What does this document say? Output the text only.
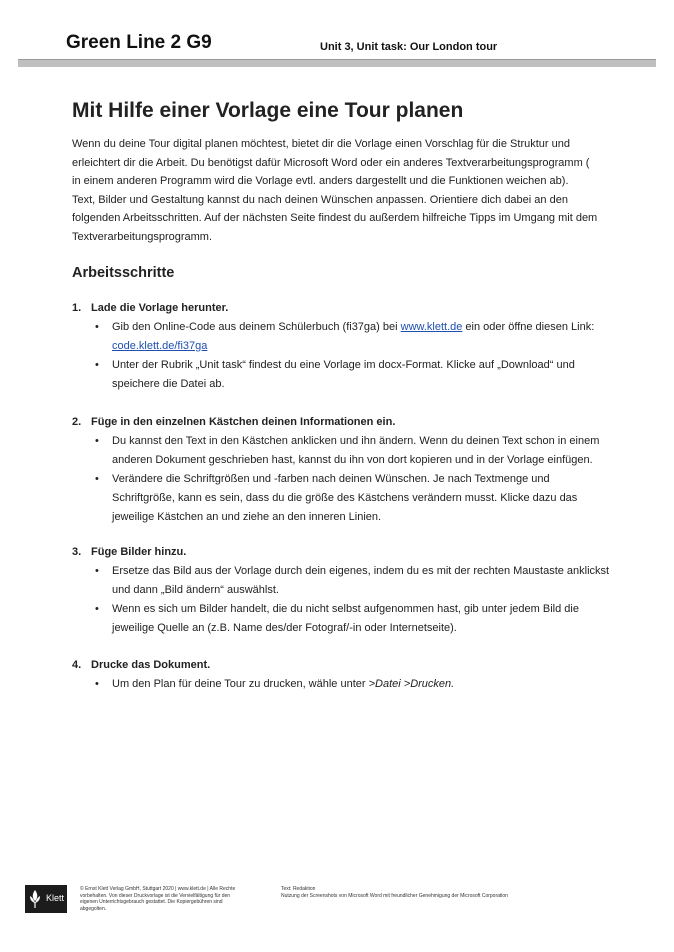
Green Line 2 G9	Unit 3, Unit task: Our London tour
Mit Hilfe einer Vorlage eine Tour planen

Wenn du deine Tour digital planen möchtest, bietet dir die Vorlage einen Vorschlag für die Struktur und
erleichtert dir die Arbeit. Du benötigst dafür Microsoft Word oder ein anderes Textverarbeitungsprogramm (
in einem anderen Programm wird die Vorlage evtl. anders dargestellt und die Funktionen weichen ab).
Text, Bilder und Gestaltung kannst du nach deinen Wünschen anpassen. Orientiere dich dabei an den
folgenden Arbeitsschritten. Auf der nächsten Seite findest du außerdem hilfreiche Tipps im Umgang mit dem
Textverarbeitungsprogramm.

Arbeitsschritte
1. Lade die Vorlage herunter.
• Gib den Online-Code aus deinem Schülerbuch (fi37ga) bei www.klett.de ein oder öffne diesen Link:
code.klett.de/fi37ga
• Unter der Rubrik „Unit task“ findest du eine Vorlage im docx-Format. Klicke auf „Download“ und
speichere die Datei ab.
2. Füge in den einzelnen Kästchen deinen Informationen ein.
• Du kannst den Text in den Kästchen anklicken und ihn ändern. Wenn du deinen Text schon in einem
anderen Dokument geschrieben hast, kannst du ihn von dort kopieren und in der Vorlage einfügen.
• Verändere die Schriftgrößen und -farben nach deinen Wünschen. Je nach Textmenge und
Schriftgröße, kann es sein, dass du die größe des Kästchens verändern musst. Klicke dazu das
jeweilige Kästchen an und ziehe an den inneren Linien.
3. Füge Bilder hinzu.
• Ersetze das Bild aus der Vorlage durch dein eigenes, indem du es mit der rechten Maustaste anklickst
und dann „Bild ändern“ auswählst.
• Wenn es sich um Bilder handelt, die du nicht selbst aufgenommen hast, gib unter jedem Bild die
jeweilige Quelle an (z.B. Name des/der Fotograf/-in oder Internetseite).
4. Drucke das Dokument.
• Um den Plan für deine Tour zu drucken, wähle unter >Datei >Drucken.
Klett
© Ernst Klett Verlag GmbH, Stuttgart 2020 | www.klett.de | Alle Rechte
vorbehalten. Von dieser Druckvorlage ist die Vervielfältigung für den
eigenen Unterrichtsgebrauch gestattet. Die Kopiergebühren sind
abgegolten.
Text: Redaktion
Nutzung der Screenshots von Microsoft Word mit freundlicher Genehmigung der Microsoft Corporation
